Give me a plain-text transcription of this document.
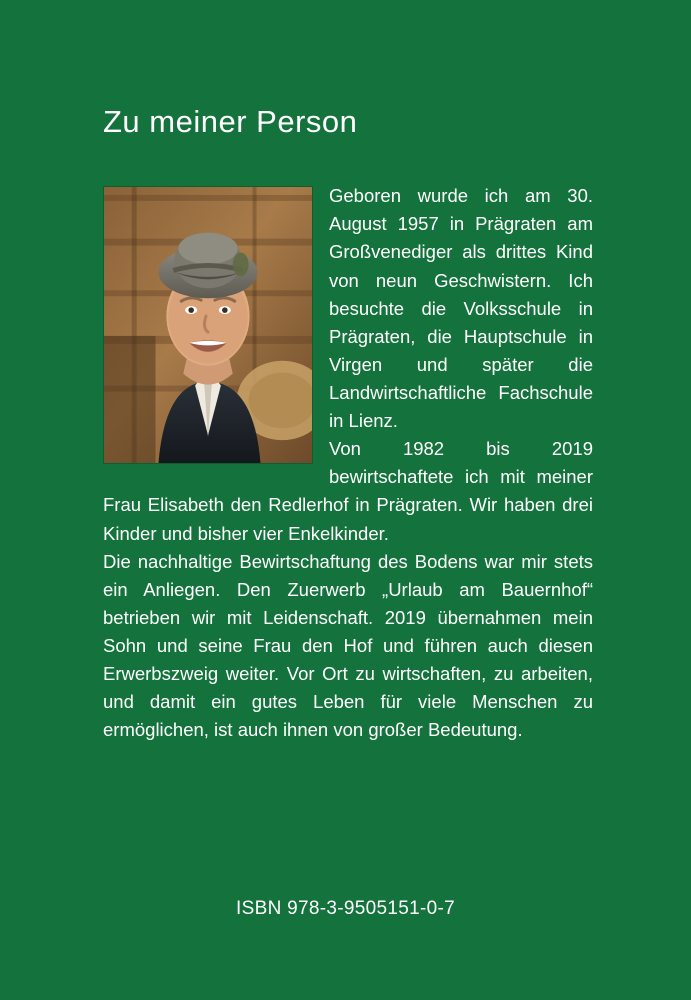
Zu meiner Person

Geboren wurde ich am 30. August 1957 in Prägraten am Großvenediger als drittes Kind von neun Geschwistern. Ich besuchte die Volksschule in Prägraten, die Hauptschule in Virgen und später die Landwirtschaftliche Fachschule in Lienz.

Von 1982 bis 2019 bewirtschaftete ich mit meiner Frau Elisabeth den Redlerhof in Prägraten. Wir haben drei Kinder und bisher vier Enkelkinder.

Die nachhaltige Bewirtschaftung des Bodens war mir stets ein Anliegen. Den Zuerwerb „Urlaub am Bauernhof“ betrieben wir mit Leidenschaft. 2019 übernahmen mein Sohn und seine Frau den Hof und führen auch diesen Erwerbszweig weiter. Vor Ort zu wirtschaften, zu arbeiten, und damit ein gutes Leben für viele Menschen zu ermöglichen, ist auch ihnen von großer Bedeutung.

ISBN 978-3-9505151-0-7
